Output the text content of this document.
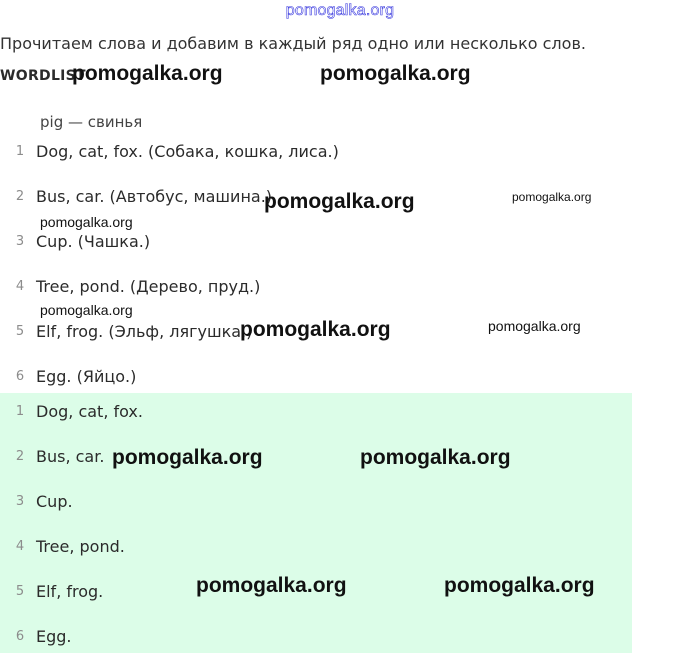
pomogalka.org
Прочитаем слова и добавим в каждый ряд одно или несколько слов.
WORDLIST
pig — свинья
1 Dog, cat, fox. (Собака, кошка, лиса.)
2 Bus, car. (Автобус, машина.)
3 Cup. (Чашка.)
4 Tree, pond. (Дерево, пруд.)
5 Elf, frog. (Эльф, лягушка.)
6 Egg. (Яйцо.)
1 Dog, cat, fox.
2 Bus, car.
3 Cup.
4 Tree, pond.
5 Elf, frog.
6 Egg.
pomogalka.org	pomogalka.org
pomogalka.org	pomogalka.org
pomogalka.org
pomogalka.org
pomogalka.org	pomogalka.org
pomogalka.org	pomogalka.org
pomogalka.org	pomogalka.org
